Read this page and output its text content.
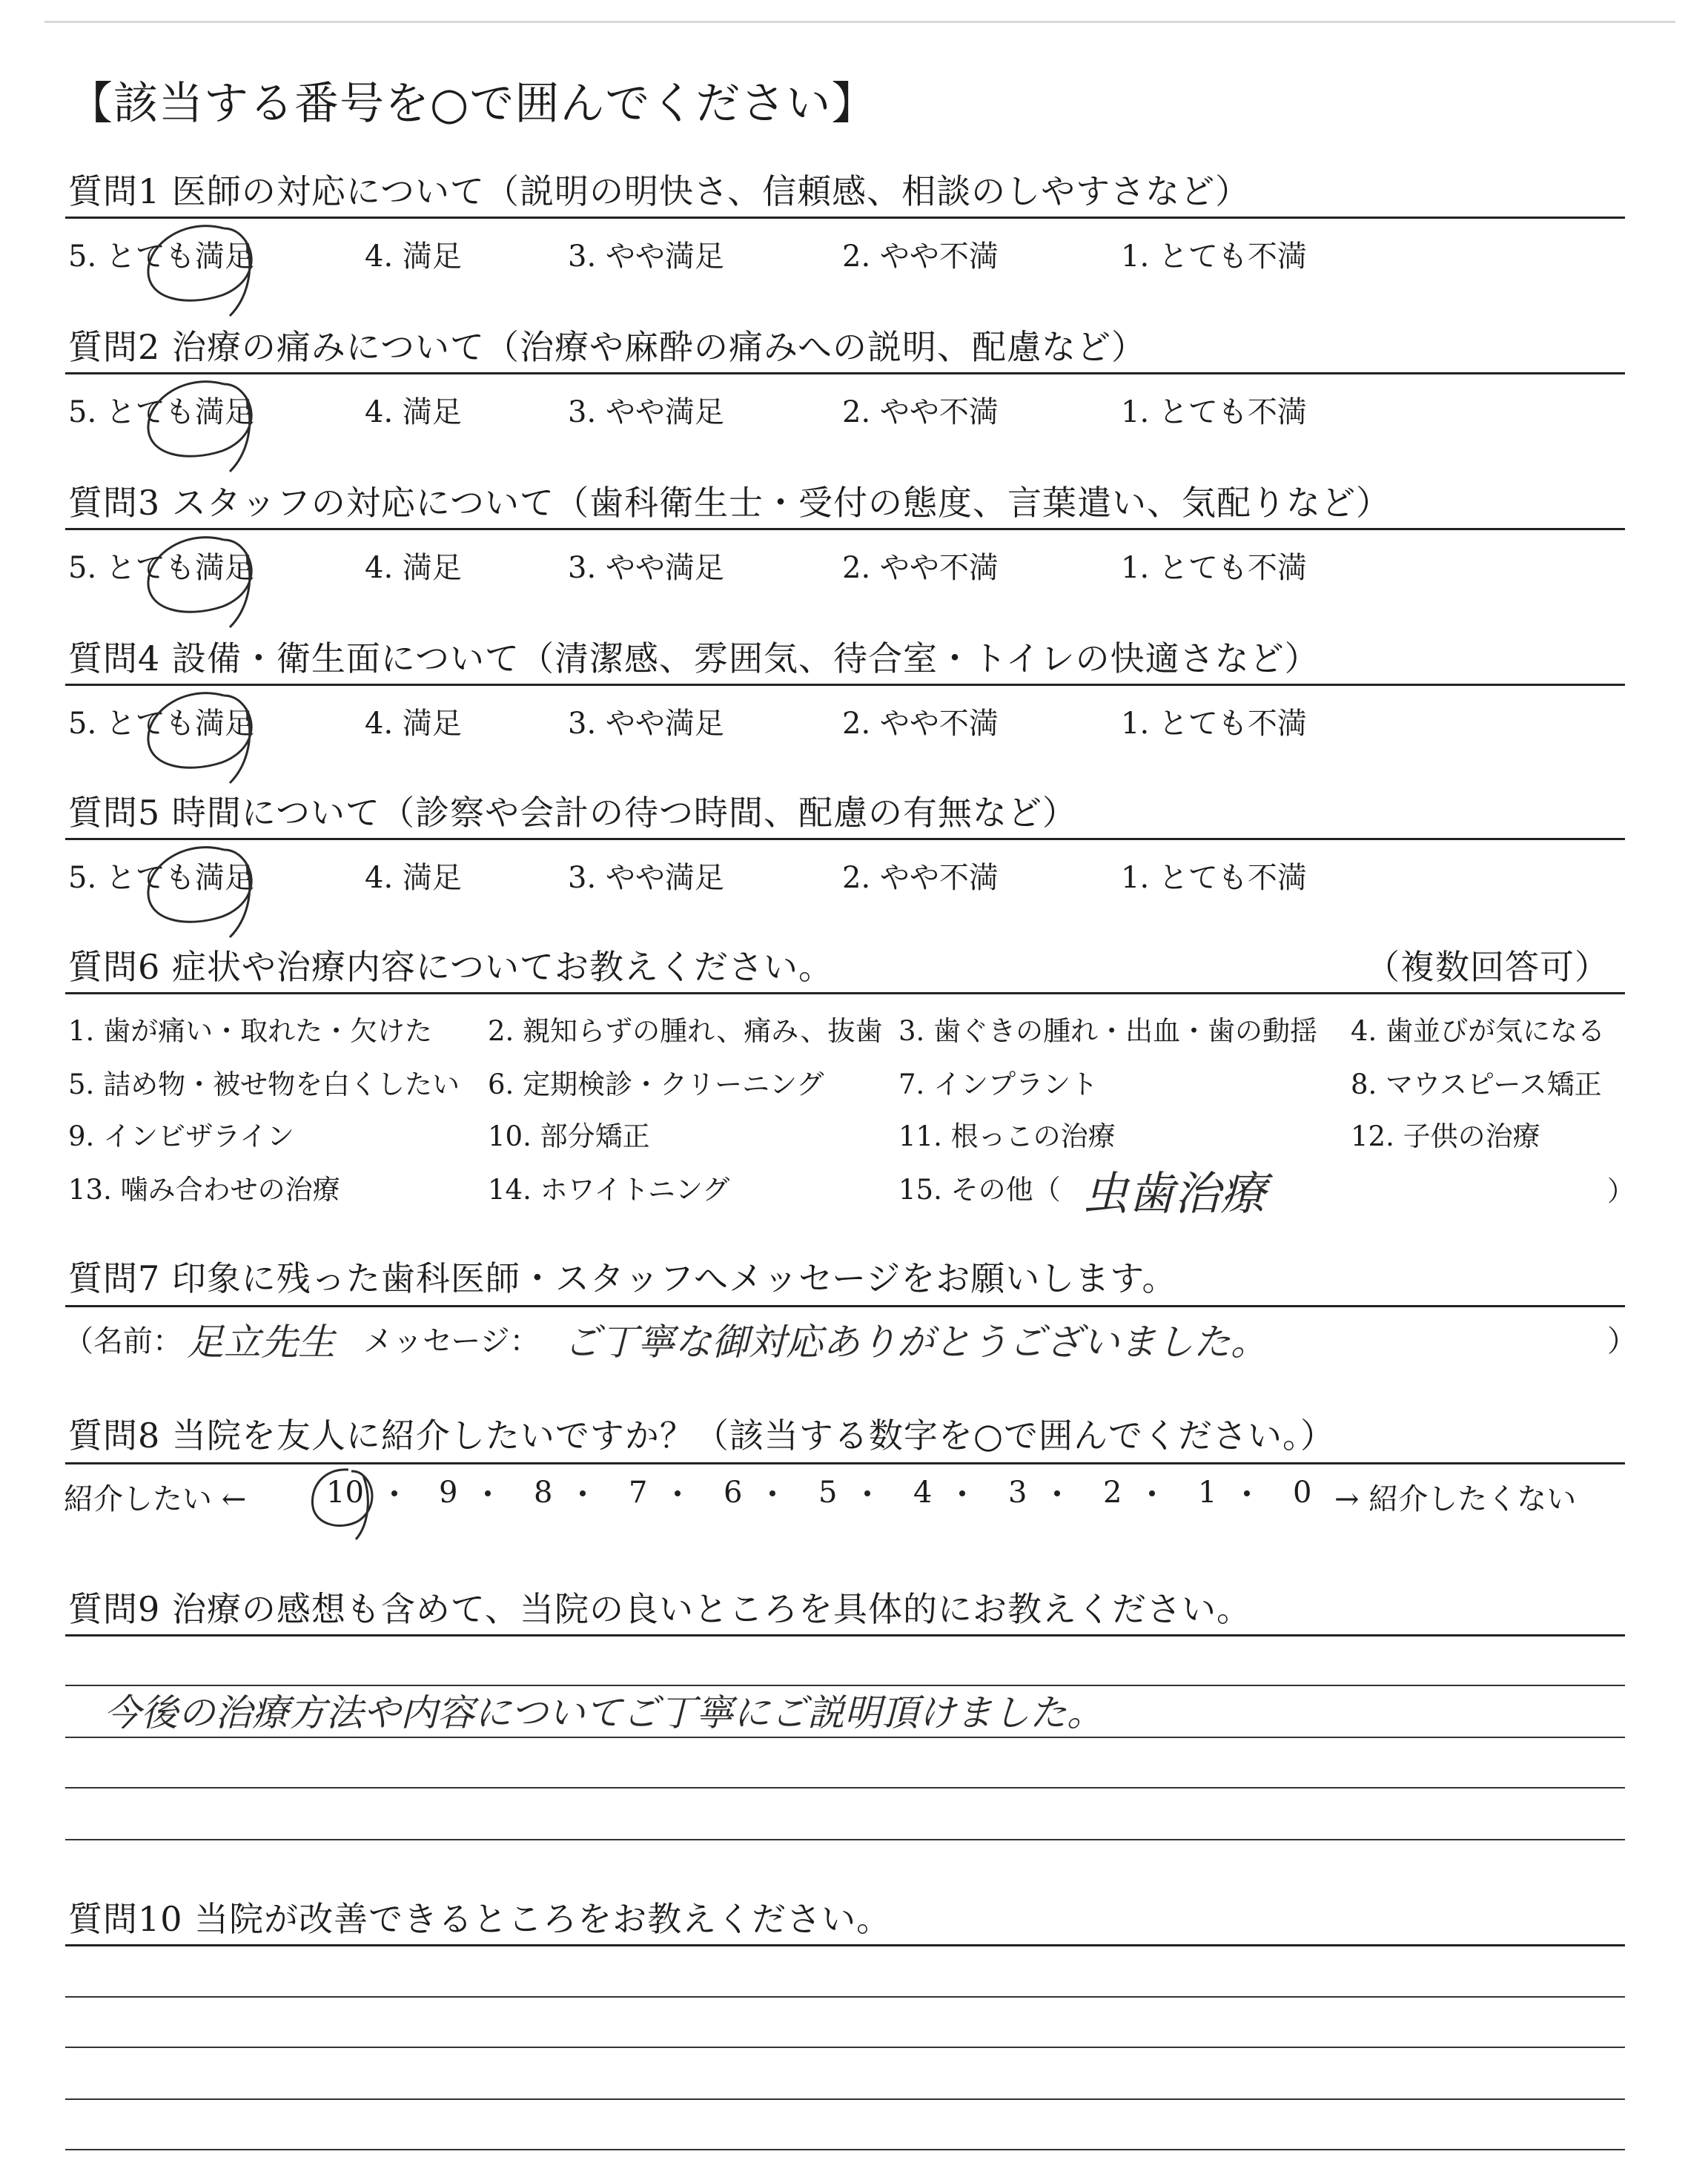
【該当する番号を○で囲んでください】
質問1 医師の対応について（説明の明快さ、信頼感、相談のしやすさなど）
5. とても満足	4. 満足	3. やや満足	2. やや不満	1. とても不満
質問2 治療の痛みについて（治療や麻酔の痛みへの説明、配慮など）
5. とても満足	4. 満足	3. やや満足	2. やや不満	1. とても不満
質問3 スタッフの対応について（歯科衛生士・受付の態度、言葉遣い、気配りなど）
5. とても満足	4. 満足	3. やや満足	2. やや不満	1. とても不満
質問4 設備・衛生面について（清潔感、雰囲気、待合室・トイレの快適さなど）
5. とても満足	4. 満足	3. やや満足	2. やや不満	1. とても不満
質問5 時間について（診察や会計の待つ時間、配慮の有無など）
5. とても満足	4. 満足	3. やや満足	2. やや不満	1. とても不満
質問6 症状や治療内容についてお教えください。	（複数回答可）
1. 歯が痛い・取れた・欠けた 2. 親知らずの腫れ、痛み、抜歯 3. 歯ぐきの腫れ・出血・歯の動揺 4. 歯並びが気になる
5. 詰め物・被せ物を白くしたい 6. 定期検診・クリーニング	7. インプラント	8. マウスピース矯正
9. インビザライン	10. 部分矯正	11. 根っこの治療	12. 子供の治療
13. 噛み合わせの治療	14. ホワイトニング	15. その他（	）
虫歯治療
質問7 印象に残った歯科医師・スタッフへメッセージをお願いします。
（名前： 足立先生 メッセージ： ご丁寧な御対応ありがとうございました。	）
質問8 当院を友人に紹介したいですか？（該当する数字を○で囲んでください。）
紹介したい ←	10	9	8	7	6	5	4	3	2	1	0 → 紹介したくない
質問9 治療の感想も含めて、当院の良いところを具体的にお教えください。
今後の治療方法や内容についてご丁寧にご説明頂けました。
質問10 当院が改善できるところをお教えください。
